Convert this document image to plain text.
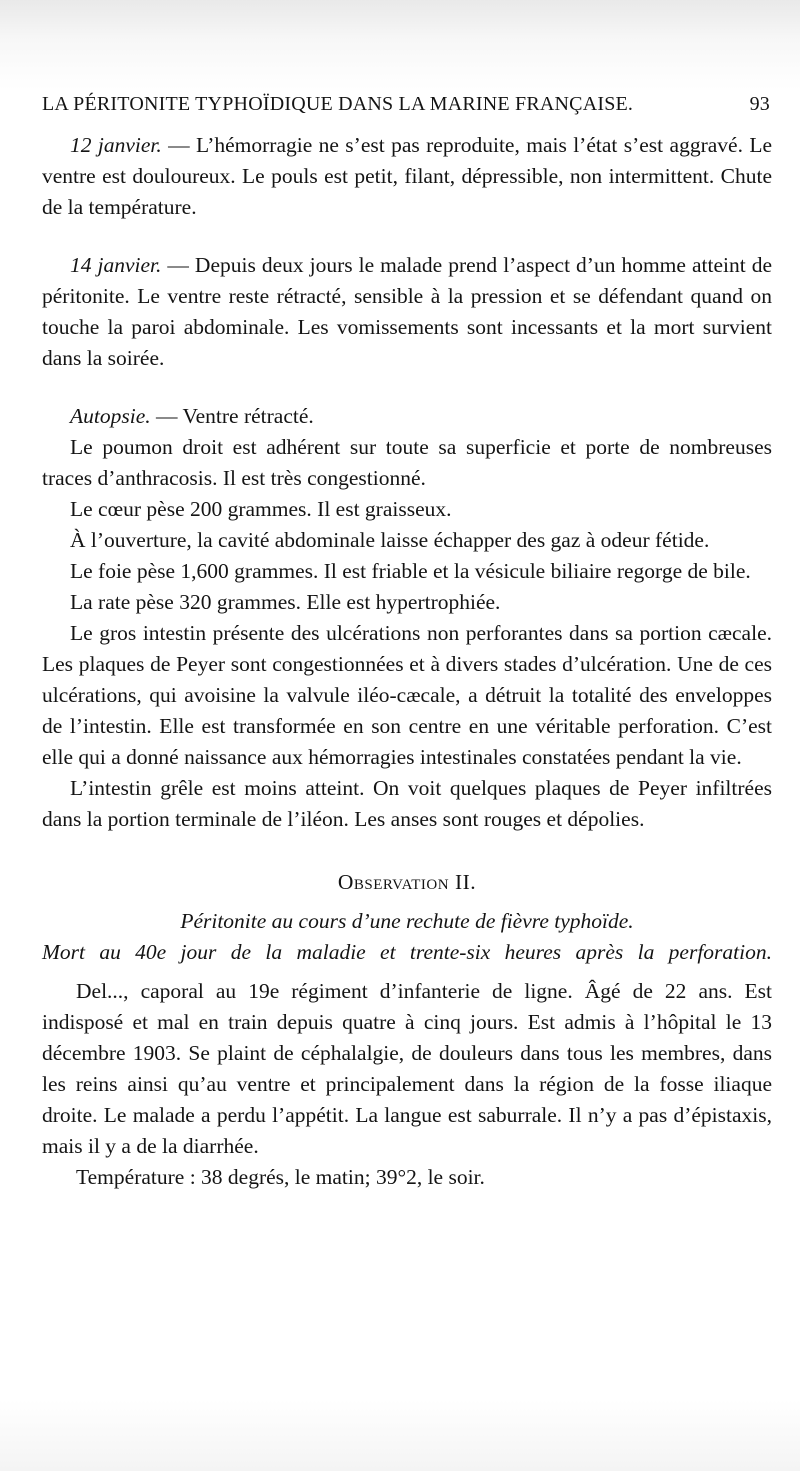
LA PÉRITONITE TYPHOÏDIQUE DANS LA MARINE FRANÇAISE.	93

12 janvier. — L’hémorragie ne s’est pas reproduite, mais l’état s’est aggravé. Le ventre est douloureux. Le pouls est petit, filant, dépressible, non intermittent. Chute de la température.

14 janvier. — Depuis deux jours le malade prend l’aspect d’un homme atteint de péritonite. Le ventre reste rétracté, sensible à la pression et se défendant quand on touche la paroi abdominale. Les vomissements sont incessants et la mort survient dans la soirée.

Autopsie. — Ventre rétracté.

Le poumon droit est adhérent sur toute sa superficie et porte de nombreuses traces d’anthracosis. Il est très congestionné.

Le cœur pèse 200 grammes. Il est graisseux.

À l’ouverture, la cavité abdominale laisse échapper des gaz à odeur fétide.

Le foie pèse 1,600 grammes. Il est friable et la vésicule biliaire regorge de bile.

La rate pèse 320 grammes. Elle est hypertrophiée.

Le gros intestin présente des ulcérations non perforantes dans sa portion cæcale. Les plaques de Peyer sont congestionnées et à divers stades d’ulcération. Une de ces ulcérations, qui avoisine la valvule iléo-cæcale, a détruit la totalité des enveloppes de l’intestin. Elle est transformée en son centre en une véritable perforation. C’est elle qui a donné naissance aux hémorragies intestinales constatées pendant la vie.

L’intestin grêle est moins atteint. On voit quelques plaques de Peyer infiltrées dans la portion terminale de l’iléon. Les anses sont rouges et dépolies.

Observation II.

Péritonite au cours d’une rechute de fièvre typhoïde.

Mort au 40e jour de la maladie et trente-six heures après la perforation.

Del..., caporal au 19e régiment d’infanterie de ligne. Âgé de 22 ans. Est indisposé et mal en train depuis quatre à cinq jours. Est admis à l’hôpital le 13 décembre 1903. Se plaint de céphalalgie, de douleurs dans tous les membres, dans les reins ainsi qu’au ventre et principalement dans la région de la fosse iliaque droite. Le malade a perdu l’appétit. La langue est saburrale. Il n’y a pas d’épistaxis, mais il y a de la diarrhée.

Température : 38 degrés, le matin; 39°2, le soir.
